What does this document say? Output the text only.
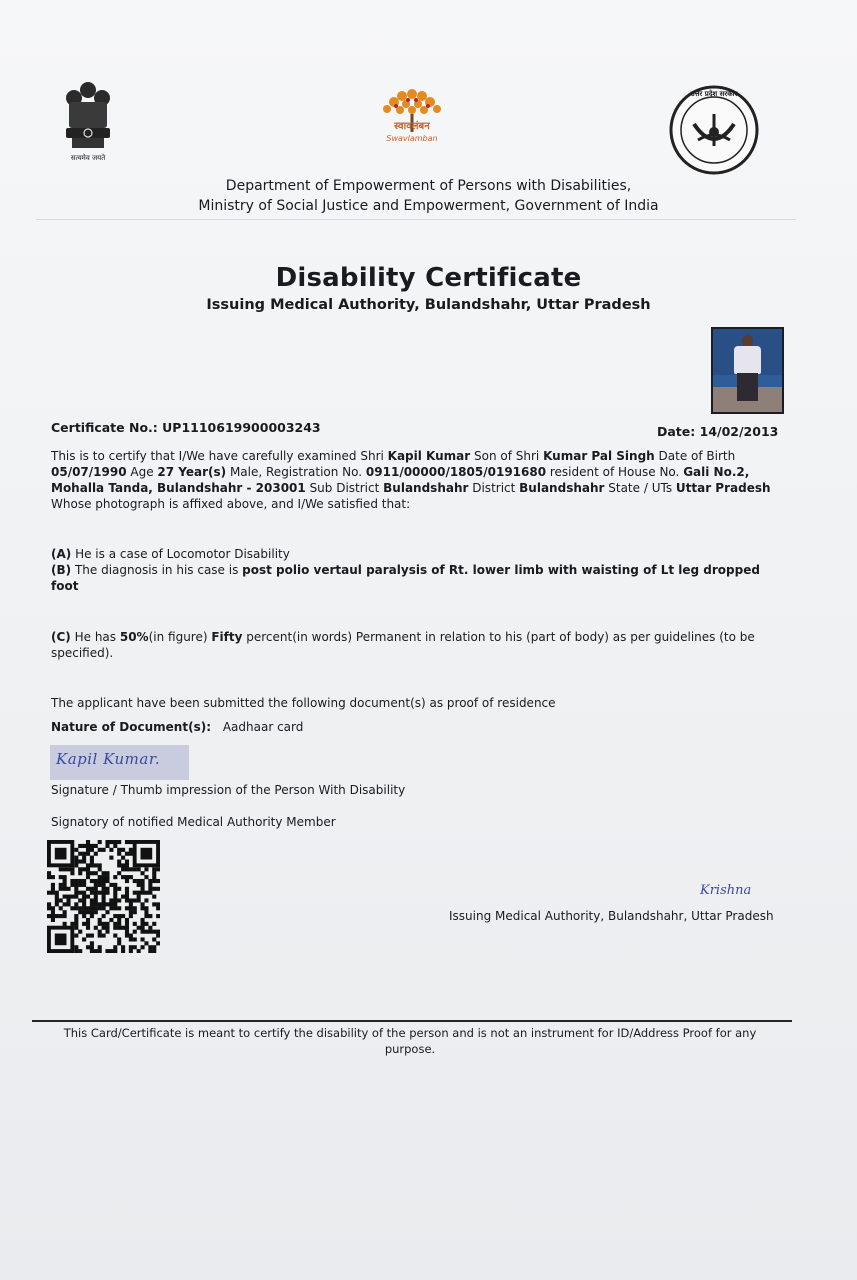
सत्यमेव जयते
स्वावलंबन
Swavlamban
उत्तर प्रदेश सरकार
Department of Empowerment of Persons with Disabilities,
Ministry of Social Justice and Empowerment, Government of India
Disability Certificate
Issuing Medical Authority, Bulandshahr, Uttar Pradesh
Certificate No.: UP1110619900003243	Date: 14/02/2013
This is to certify that I/We have carefully examined Shri Kapil Kumar Son of Shri Kumar Pal Singh Date of Birth 05/07/1990 Age 27 Year(s) Male, Registration No. 0911/00000/1805/0191680 resident of House No. Gali No.2, Mohalla Tanda, Bulandshahr - 203001 Sub District Bulandshahr District Bulandshahr State / UTs Uttar Pradesh Whose photograph is affixed above, and I/We satisfied that:
(A) He is a case of Locomotor Disability
(B) The diagnosis in his case is post polio vertaul paralysis of Rt. lower limb with waisting of Lt leg dropped foot
(C) He has 50%(in figure) Fifty percent(in words) Permanent in relation to his (part of body) as per guidelines (to be specified).
The applicant have been submitted the following document(s) as proof of residence
Nature of Document(s): Aadhaar card
Kapil Kumar.
Signature / Thumb impression of the Person With Disability
Signatory of notified Medical Authority Member
Krishna
Issuing Medical Authority, Bulandshahr, Uttar Pradesh
This Card/Certificate is meant to certify the disability of the person and is not an instrument for ID/Address Proof for any purpose.
